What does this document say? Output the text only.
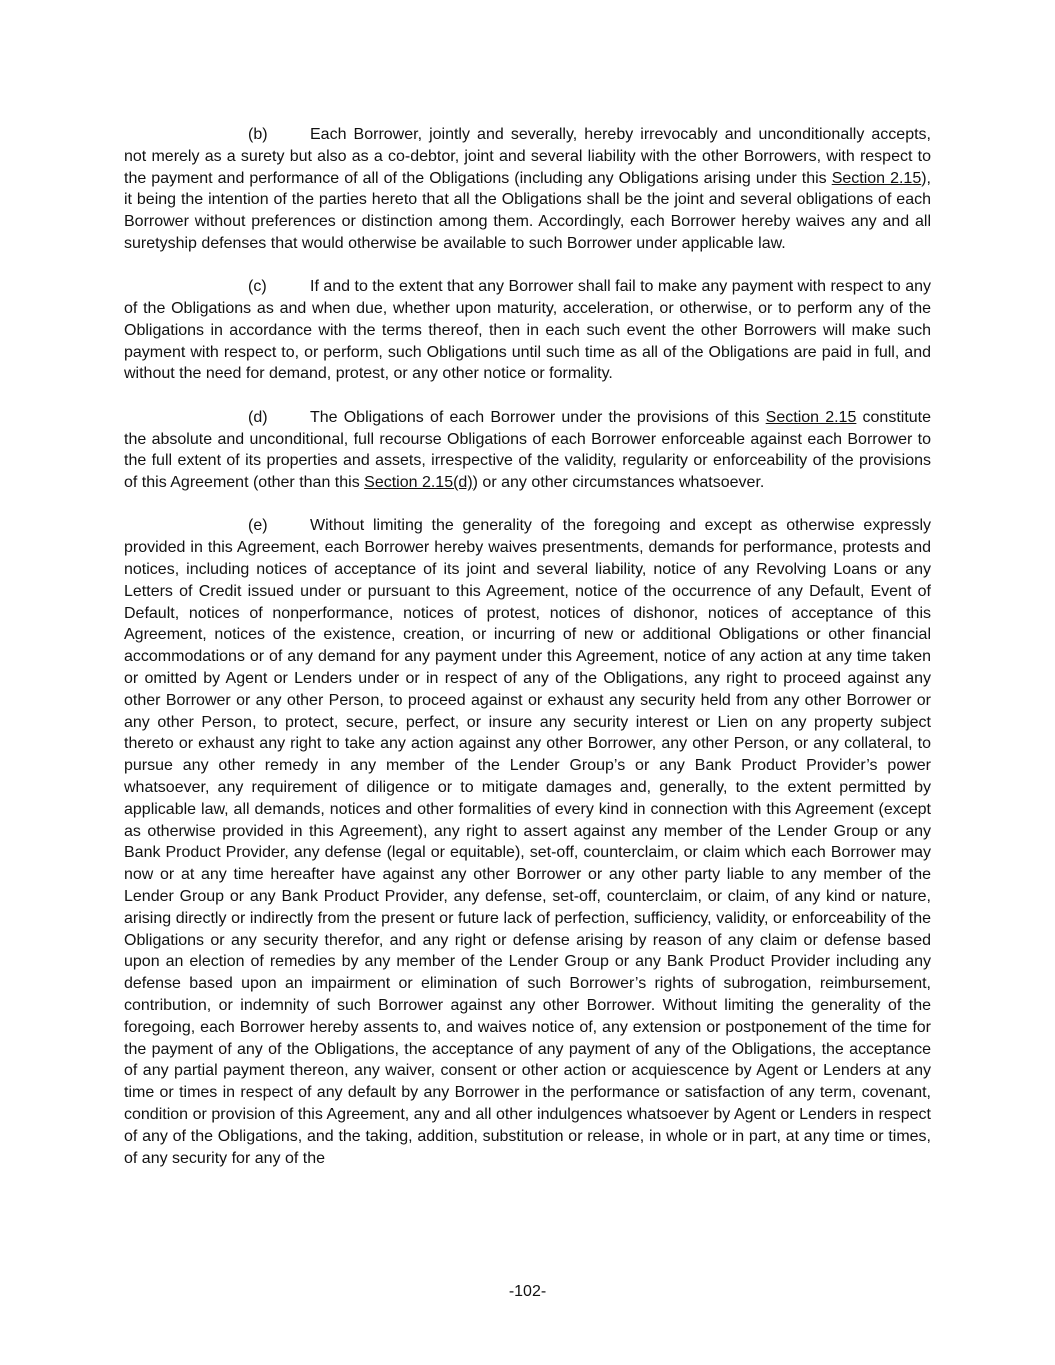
(b)	Each Borrower, jointly and severally, hereby irrevocably and unconditionally accepts, not merely as a surety but also as a co-debtor, joint and several liability with the other Borrowers, with respect to the payment and performance of all of the Obligations (including any Obligations arising under this Section 2.15), it being the intention of the parties hereto that all the Obligations shall be the joint and several obligations of each Borrower without preferences or distinction among them. Accordingly, each Borrower hereby waives any and all suretyship defenses that would otherwise be available to such Borrower under applicable law.

(c)	If and to the extent that any Borrower shall fail to make any payment with respect to any of the Obligations as and when due, whether upon maturity, acceleration, or otherwise, or to perform any of the Obligations in accordance with the terms thereof, then in each such event the other Borrowers will make such payment with respect to, or perform, such Obligations until such time as all of the Obligations are paid in full, and without the need for demand, protest, or any other notice or formality.

(d)	The Obligations of each Borrower under the provisions of this Section 2.15 constitute the absolute and unconditional, full recourse Obligations of each Borrower enforceable against each Borrower to the full extent of its properties and assets, irrespective of the validity, regularity or enforceability of the provisions of this Agreement (other than this Section 2.15(d)) or any other circumstances whatsoever.

(e)	Without limiting the generality of the foregoing and except as otherwise expressly provided in this Agreement, each Borrower hereby waives presentments, demands for performance, protests and notices, including notices of acceptance of its joint and several liability, notice of any Revolving Loans or any Letters of Credit issued under or pursuant to this Agreement, notice of the occurrence of any Default, Event of Default, notices of nonperformance, notices of protest, notices of dishonor, notices of acceptance of this Agreement, notices of the existence, creation, or incurring of new or additional Obligations or other financial accommodations or of any demand for any payment under this Agreement, notice of any action at any time taken or omitted by Agent or Lenders under or in respect of any of the Obligations, any right to proceed against any other Borrower or any other Person, to proceed against or exhaust any security held from any other Borrower or any other Person, to protect, secure, perfect, or insure any security interest or Lien on any property subject thereto or exhaust any right to take any action against any other Borrower, any other Person, or any collateral, to pursue any other remedy in any member of the Lender Group’s or any Bank Product Provider’s power whatsoever, any requirement of diligence or to mitigate damages and, generally, to the extent permitted by applicable law, all demands, notices and other formalities of every kind in connection with this Agreement (except as otherwise provided in this Agreement), any right to assert against any member of the Lender Group or any Bank Product Provider, any defense (legal or equitable), set-off, counterclaim, or claim which each Borrower may now or at any time hereafter have against any other Borrower or any other party liable to any member of the Lender Group or any Bank Product Provider, any defense, set-off, counterclaim, or claim, of any kind or nature, arising directly or indirectly from the present or future lack of perfection, sufficiency, validity, or enforceability of the Obligations or any security therefor, and any right or defense arising by reason of any claim or defense based upon an election of remedies by any member of the Lender Group or any Bank Product Provider including any defense based upon an impairment or elimination of such Borrower’s rights of subrogation, reimbursement, contribution, or indemnity of such Borrower against any other Borrower. Without limiting the generality of the foregoing, each Borrower hereby assents to, and waives notice of, any extension or postponement of the time for the payment of any of the Obligations, the acceptance of any payment of any of the Obligations, the acceptance of any partial payment thereon, any waiver, consent or other action or acquiescence by Agent or Lenders at any time or times in respect of any default by any Borrower in the performance or satisfaction of any term, covenant, condition or provision of this Agreement, any and all other indulgences whatsoever by Agent or Lenders in respect of any of the Obligations, and the taking, addition, substitution or release, in whole or in part, at any time or times, of any security for any of the

-102-
